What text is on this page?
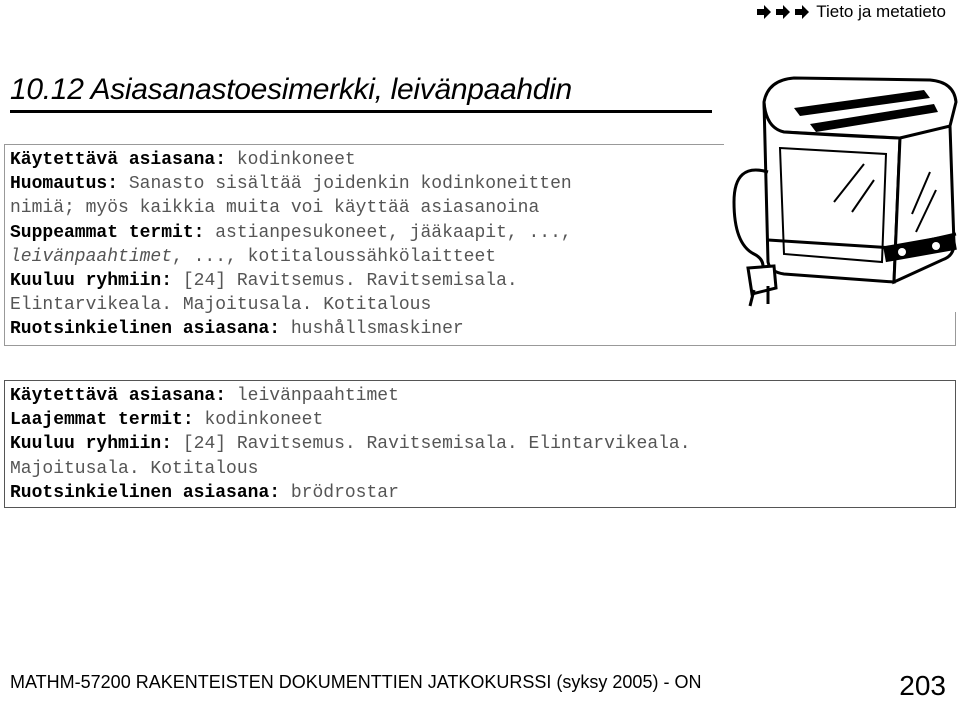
Tieto ja metatieto
10.12 Asiasanastoesimerkki, leivänpaahdin
Käytettävä asiasana: kodinkoneet
Huomautus: Sanasto sisältää joidenkin kodinkoneitten
nimiä; myös kaikkia muita voi käyttää asiasanoina
Suppeammat termit: astianpesukoneet, jääkaapit, ...,
leivänpaahtimet, ..., kotitaloussähkölaitteet
Kuuluu ryhmiin: [24] Ravitsemus. Ravitsemisala.
Elintarvikeala. Majoitusala. Kotitalous
Ruotsinkielinen asiasana: hushållsmaskiner
Käytettävä asiasana: leivänpaahtimet
Laajemmat termit: kodinkoneet
Kuuluu ryhmiin: [24] Ravitsemus. Ravitsemisala. Elintarvikeala.
Majoitusala. Kotitalous
Ruotsinkielinen asiasana: brödrostar
MATHM-57200 RAKENTEISTEN DOKUMENTTIEN JATKOKURSSI (syksy 2005) - ON	203
